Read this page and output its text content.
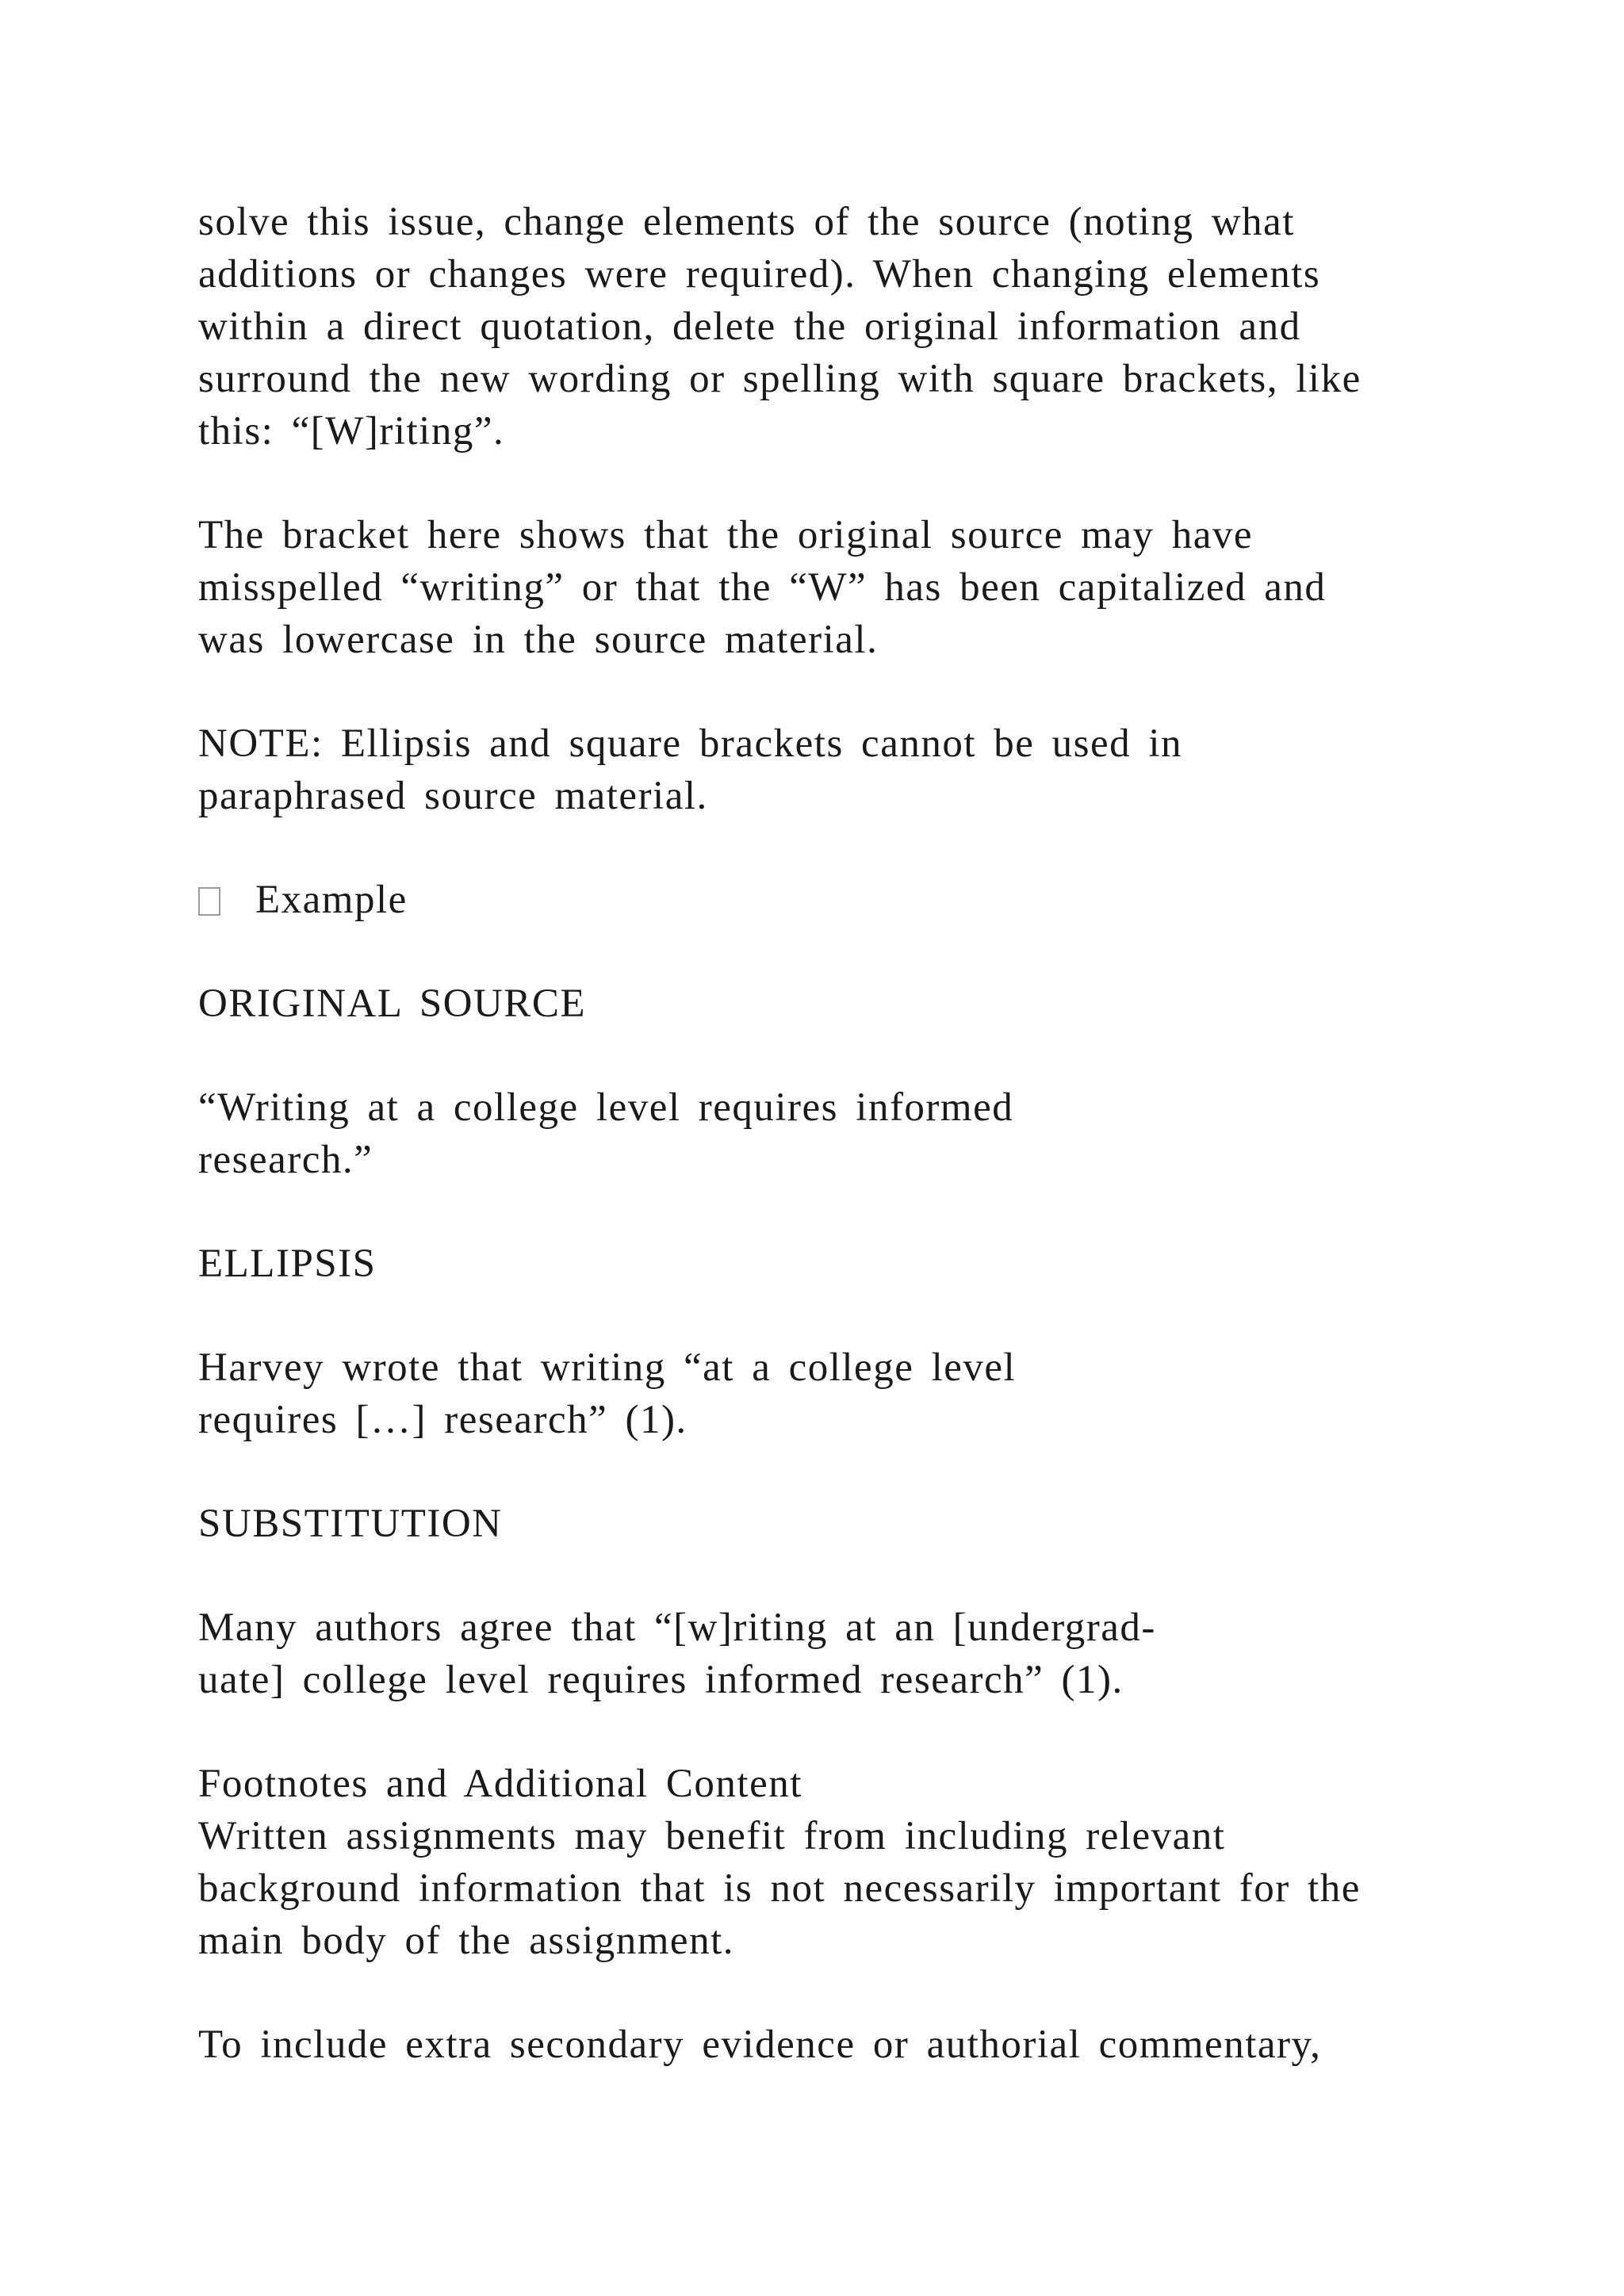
solve this issue, change elements of the source (noting what
additions or changes were required). When changing elements
within a direct quotation, delete the original information and
surround the new wording or spelling with square brackets, like
this: “[W]riting”.
The bracket here shows that the original source may have
misspelled “writing” or that the “W” has been capitalized and
was lowercase in the source material.
NOTE: Ellipsis and square brackets cannot be used in
paraphrased source material.
Example
ORIGINAL SOURCE
“Writing at a college level requires informed
research.”
ELLIPSIS
Harvey wrote that writing “at a college level
requires […] research” (1).
SUBSTITUTION
Many authors agree that “[w]riting at an [undergrad-
uate] college level requires informed research” (1).
Footnotes and Additional Content
Written assignments may benefit from including relevant
background information that is not necessarily important for the
main body of the assignment.
To include extra secondary evidence or authorial commentary,
